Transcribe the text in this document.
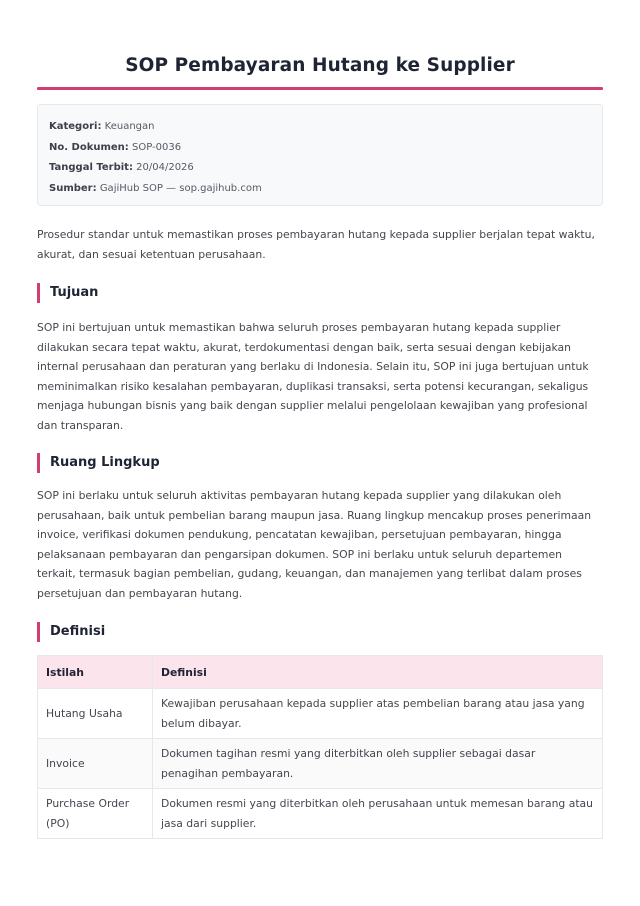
SOP Pembayaran Hutang ke Supplier
Kategori: Keuangan
No. Dokumen: SOP-0036
Tanggal Terbit: 20/04/2026
Sumber: GajiHub SOP — sop.gajihub.com

Prosedur standar untuk memastikan proses pembayaran hutang kepada supplier berjalan tepat waktu, akurat, dan sesuai ketentuan perusahaan.

Tujuan

SOP ini bertujuan untuk memastikan bahwa seluruh proses pembayaran hutang kepada supplier dilakukan secara tepat waktu, akurat, terdokumentasi dengan baik, serta sesuai dengan kebijakan internal perusahaan dan peraturan yang berlaku di Indonesia. Selain itu, SOP ini juga bertujuan untuk meminimalkan risiko kesalahan pembayaran, duplikasi transaksi, serta potensi kecurangan, sekaligus menjaga hubungan bisnis yang baik dengan supplier melalui pengelolaan kewajiban yang profesional dan transparan.

Ruang Lingkup

SOP ini berlaku untuk seluruh aktivitas pembayaran hutang kepada supplier yang dilakukan oleh perusahaan, baik untuk pembelian barang maupun jasa. Ruang lingkup mencakup proses penerimaan invoice, verifikasi dokumen pendukung, pencatatan kewajiban, persetujuan pembayaran, hingga pelaksanaan pembayaran dan pengarsipan dokumen. SOP ini berlaku untuk seluruh departemen terkait, termasuk bagian pembelian, gudang, keuangan, dan manajemen yang terlibat dalam proses persetujuan dan pembayaran hutang.

Definisi
Istilah	Definisi
Hutang Usaha	Kewajiban perusahaan kepada supplier atas pembelian barang atau jasa yang belum dibayar.
Invoice	Dokumen tagihan resmi yang diterbitkan oleh supplier sebagai dasar penagihan pembayaran.
Purchase Order (PO)	Dokumen resmi yang diterbitkan oleh perusahaan untuk memesan barang atau jasa dari supplier.
